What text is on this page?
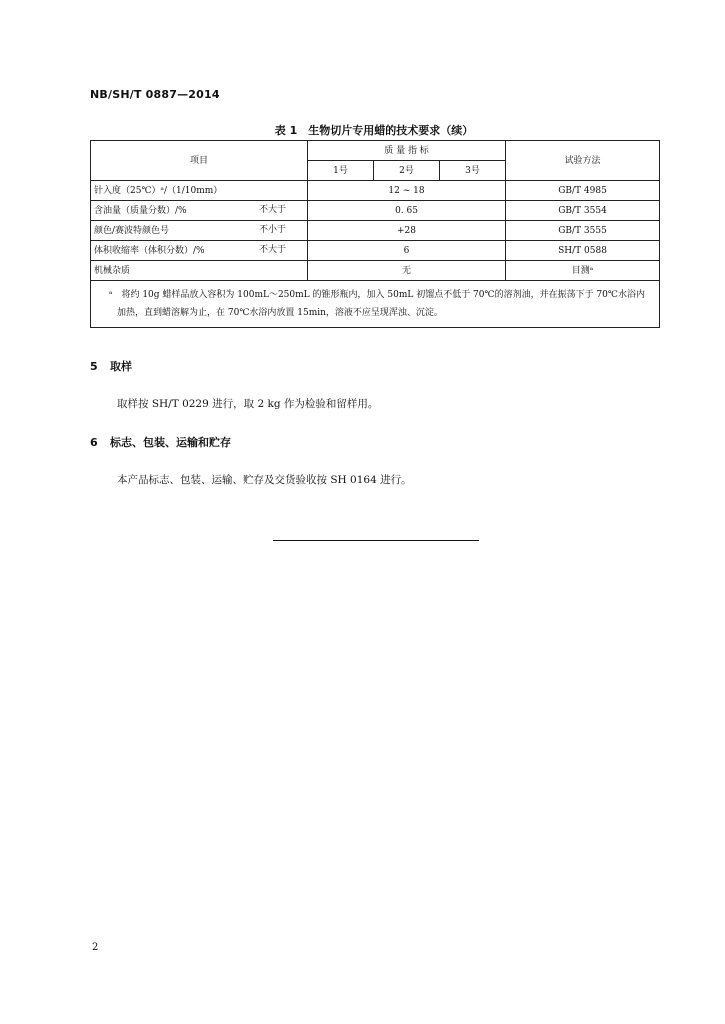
NB/SH/T 0887—2014
表 1　生物切片专用蜡的技术要求（续）
项目	质 量 指 标			试验方法
	1号	2号	3号	
针入度（25℃）ᵃ/（1/10mm）	12 ~ 18			GB/T 4985
含油量（质量分数）/% 不大于	0. 65			GB/T 3554
颜色/赛波特颜色号 不小于	+28			GB/T 3555
体积收缩率（体积分数）/% 不大于	6			SH/T 0588
机械杂质	无			目测ᵃ
ᵃ　将约 10g 蜡样品放入容积为 100mL～250mL 的锥形瓶内，加入 50mL 初馏点不低于 70℃的溶剂油，并在振荡下于 70℃水浴内加热，直到蜡溶解为止，在 70℃水浴内放置 15min，溶液不应呈现浑浊、沉淀。				
5 取样
取样按 SH/T 0229 进行，取 2 kg 作为检验和留样用。
6 标志、包装、运输和贮存
本产品标志、包装、运输、贮存及交货验收按 SH 0164 进行。
2
